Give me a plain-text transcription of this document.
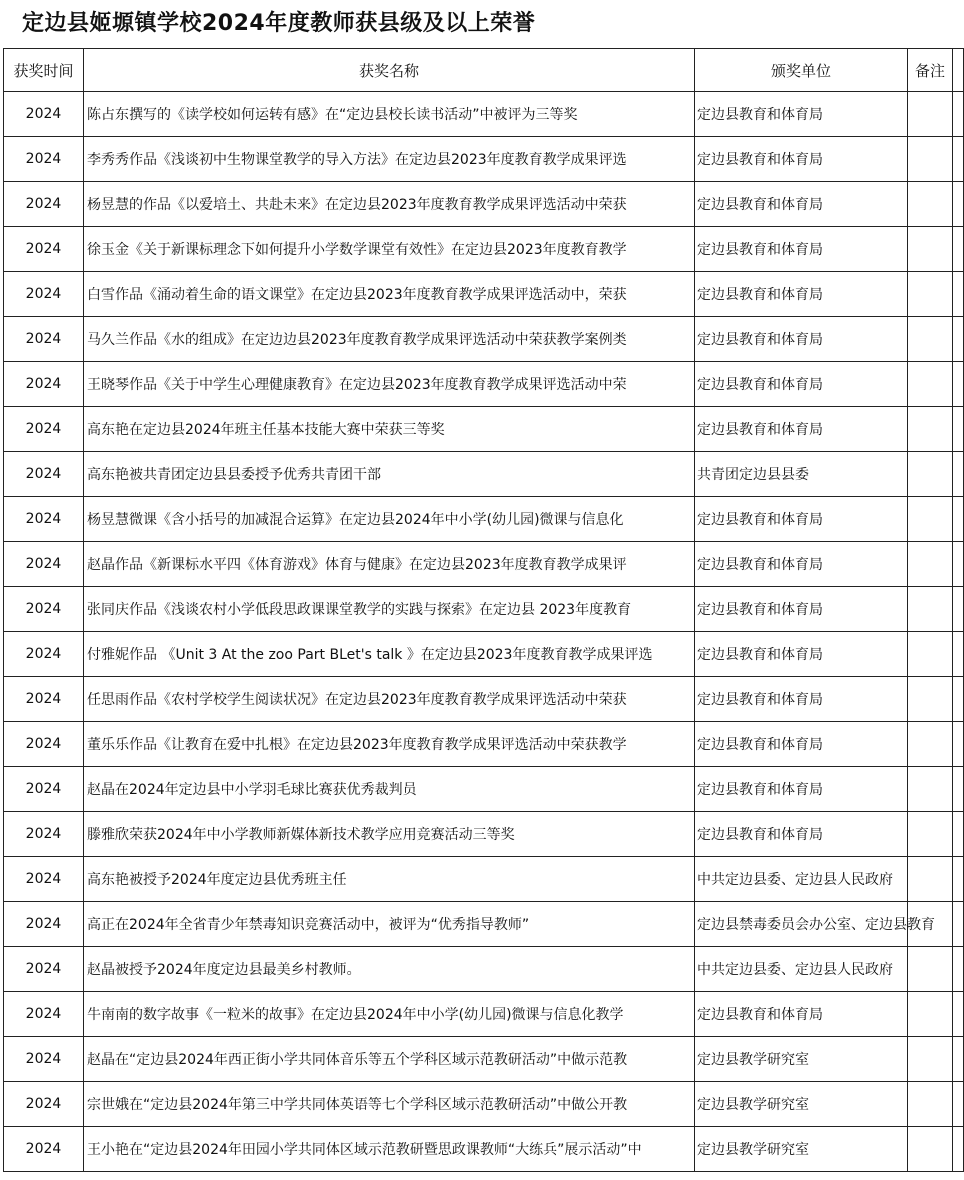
定边县姬塬镇学校2024年度教师获县级及以上荣誉
获奖时间	获奖名称	颁奖单位	备注	
2024	陈占东撰写的《读学校如何运转有感》在“定边县校长读书活动”中被评为三等奖	定边县教育和体育局		
2024	李秀秀作品《浅谈初中生物课堂教学的导入方法》在定边县2023年度教育教学成果评选	定边县教育和体育局		
2024	杨昱慧的作品《以爱培土、共赴未来》在定边县2023年度教育教学成果评选活动中荣获	定边县教育和体育局		
2024	徐玉金《关于新课标理念下如何提升小学数学课堂有效性》在定边县2023年度教育教学	定边县教育和体育局		
2024	白雪作品《涌动着生命的语文课堂》在定边县2023年度教育教学成果评选活动中，荣获	定边县教育和体育局		
2024	马久兰作品《水的组成》在定边边县2023年度教育教学成果评选活动中荣获教学案例类	定边县教育和体育局		
2024	王晓琴作品《关于中学生心理健康教育》在定边县2023年度教育教学成果评选活动中荣	定边县教育和体育局		
2024	高东艳在定边县2024年班主任基本技能大赛中荣获三等奖	定边县教育和体育局		
2024	高东艳被共青团定边县县委授予优秀共青团干部	共青团定边县县委		
2024	杨昱慧微课《含小括号的加减混合运算》在定边县2024年中小学(幼儿园)微课与信息化	定边县教育和体育局		
2024	赵晶作品《新课标水平四《体育游戏》体育与健康》在定边县2023年度教育教学成果评	定边县教育和体育局		
2024	张同庆作品《浅谈农村小学低段思政课课堂教学的实践与探索》在定边县 2023年度教育	定边县教育和体育局		
2024	付雅妮作品 《Unit 3 At the zoo Part BLet's talk 》在定边县2023年度教育教学成果评选	定边县教育和体育局		
2024	任思雨作品《农村学校学生阅读状况》在定边县2023年度教育教学成果评选活动中荣获	定边县教育和体育局		
2024	董乐乐作品《让教育在爱中扎根》在定边县2023年度教育教学成果评选活动中荣获教学	定边县教育和体育局		
2024	赵晶在2024年定边县中小学羽毛球比赛获优秀裁判员	定边县教育和体育局		
2024	滕雅欣荣获2024年中小学教师新媒体新技术教学应用竞赛活动三等奖	定边县教育和体育局		
2024	高东艳被授予2024年度定边县优秀班主任	中共定边县委、定边县人民政府		
2024	高正在2024年全省青少年禁毒知识竞赛活动中，被评为“优秀指导教师”	定边县禁毒委员会办公室、定边县教育		
2024	赵晶被授予2024年度定边县最美乡村教师。	中共定边县委、定边县人民政府		
2024	牛南南的数字故事《一粒米的故事》在定边县2024年中小学(幼儿园)微课与信息化教学	定边县教育和体育局		
2024	赵晶在“定边县2024年西正街小学共同体音乐等五个学科区域示范教研活动”中做示范教	定边县教学研究室		
2024	宗世娥在“定边县2024年第三中学共同体英语等七个学科区域示范教研活动”中做公开教	定边县教学研究室		
2024	王小艳在“定边县2024年田园小学共同体区域示范教研暨思政课教师“大练兵”展示活动”中	定边县教学研究室		
